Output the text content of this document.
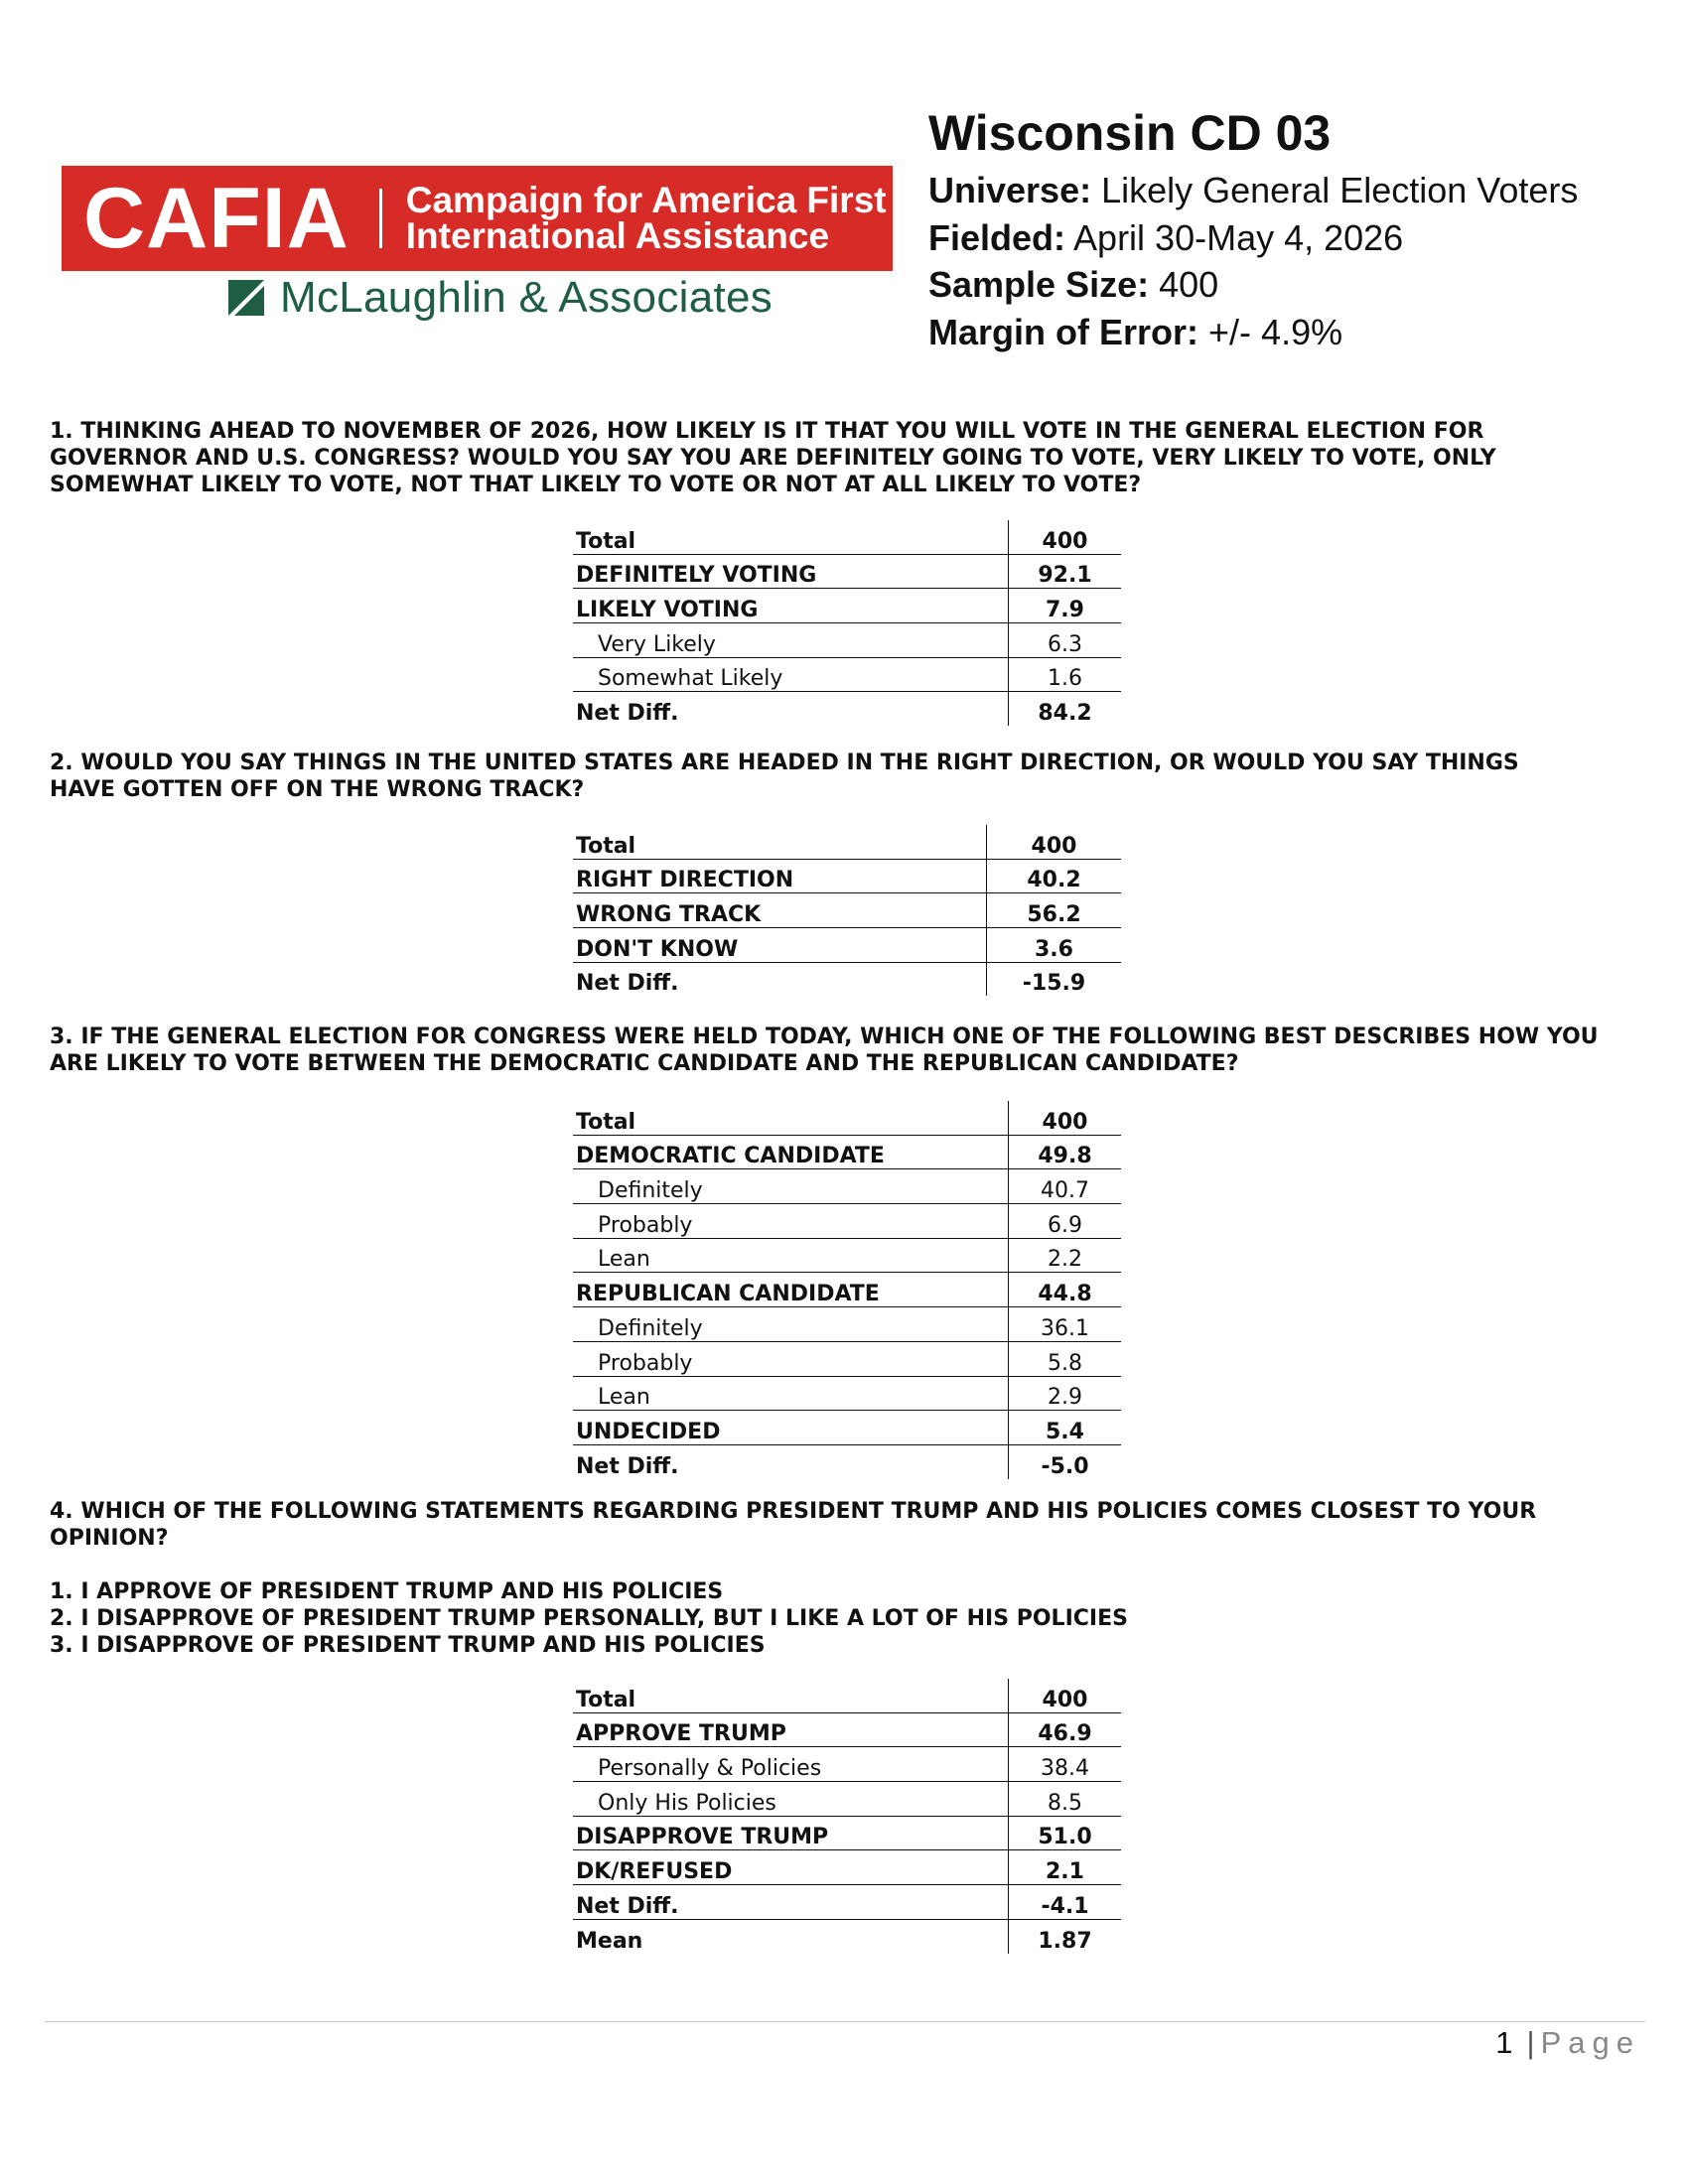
CAFIA Campaign for America First
International Assistance
McLaughlin & Associates
Wisconsin CD 03
Universe: Likely General Election Voters
Fielded: April 30-May 4, 2026
Sample Size: 400
Margin of Error: +/- 4.9%

1. THINKING AHEAD TO NOVEMBER OF 2026, HOW LIKELY IS IT THAT YOU WILL VOTE IN THE GENERAL ELECTION FOR
GOVERNOR AND U.S. CONGRESS? WOULD YOU SAY YOU ARE DEFINITELY GOING TO VOTE, VERY LIKELY TO VOTE, ONLY
SOMEWHAT LIKELY TO VOTE, NOT THAT LIKELY TO VOTE OR NOT AT ALL LIKELY TO VOTE?

Total	400
DEFINITELY VOTING	92.1
LIKELY VOTING	7.9
Very Likely	6.3
Somewhat Likely	1.6
Net Diff.	84.2

2. WOULD YOU SAY THINGS IN THE UNITED STATES ARE HEADED IN THE RIGHT DIRECTION, OR WOULD YOU SAY THINGS
HAVE GOTTEN OFF ON THE WRONG TRACK?

Total	400
RIGHT DIRECTION	40.2
WRONG TRACK	56.2
DON'T KNOW	3.6
Net Diff.	-15.9

3. IF THE GENERAL ELECTION FOR CONGRESS WERE HELD TODAY, WHICH ONE OF THE FOLLOWING BEST DESCRIBES HOW YOU
ARE LIKELY TO VOTE BETWEEN THE DEMOCRATIC CANDIDATE AND THE REPUBLICAN CANDIDATE?

Total	400
DEMOCRATIC CANDIDATE	49.8
Definitely	40.7
Probably	6.9
Lean	2.2
REPUBLICAN CANDIDATE	44.8
Definitely	36.1
Probably	5.8
Lean	2.9
UNDECIDED	5.4
Net Diff.	-5.0

4. WHICH OF THE FOLLOWING STATEMENTS REGARDING PRESIDENT TRUMP AND HIS POLICIES COMES CLOSEST TO YOUR
OPINION?

1. I APPROVE OF PRESIDENT TRUMP AND HIS POLICIES
2. I DISAPPROVE OF PRESIDENT TRUMP PERSONALLY, BUT I LIKE A LOT OF HIS POLICIES
3. I DISAPPROVE OF PRESIDENT TRUMP AND HIS POLICIES
Total	400
APPROVE TRUMP	46.9
Personally & Policies	38.4
Only His Policies	8.5
DISAPPROVE TRUMP	51.0
DK/REFUSED	2.1
Net Diff.	-4.1
Mean	1.87
1 | Page
